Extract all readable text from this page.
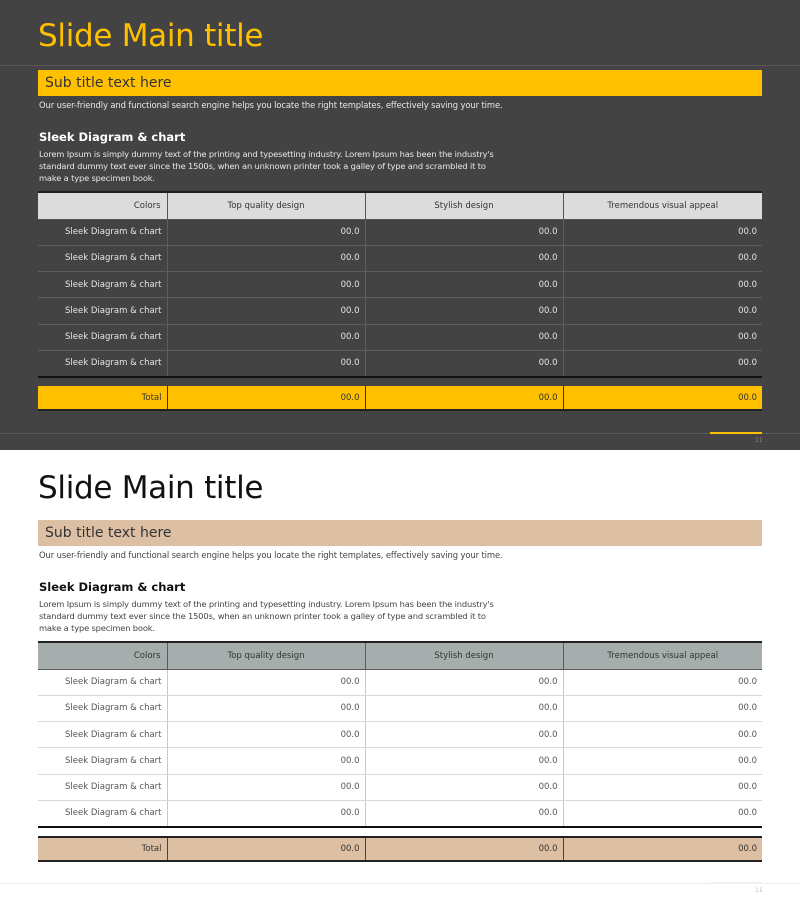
Slide Main title
Sub title text here

Our user-friendly and functional search engine helps you locate the right templates, effectively saving your time.

Sleek Diagram & chart

Lorem Ipsum is simply dummy text of the printing and typesetting industry. Lorem Ipsum has been the industry's standard dummy text ever since the 1500s, when an unknown printer took a galley of type and scrambled it to make a type specimen book.

Colors	Top quality design	Stylish design	Tremendous visual appeal
Sleek Diagram & chart	00.0	00.0	00.0
Sleek Diagram & chart	00.0	00.0	00.0
Sleek Diagram & chart	00.0	00.0	00.0
Sleek Diagram & chart	00.0	00.0	00.0
Sleek Diagram & chart	00.0	00.0	00.0
Sleek Diagram & chart	00.0	00.0	00.0
Total	00.0	00.0	00.0
11
Slide Main title
Sub title text here

Our user-friendly and functional search engine helps you locate the right templates, effectively saving your time.

Sleek Diagram & chart

Lorem Ipsum is simply dummy text of the printing and typesetting industry. Lorem Ipsum has been the industry's standard dummy text ever since the 1500s, when an unknown printer took a galley of type and scrambled it to make a type specimen book.

Colors	Top quality design	Stylish design	Tremendous visual appeal
Sleek Diagram & chart	00.0	00.0	00.0
Sleek Diagram & chart	00.0	00.0	00.0
Sleek Diagram & chart	00.0	00.0	00.0
Sleek Diagram & chart	00.0	00.0	00.0
Sleek Diagram & chart	00.0	00.0	00.0
Sleek Diagram & chart	00.0	00.0	00.0
Total	00.0	00.0	00.0
11
